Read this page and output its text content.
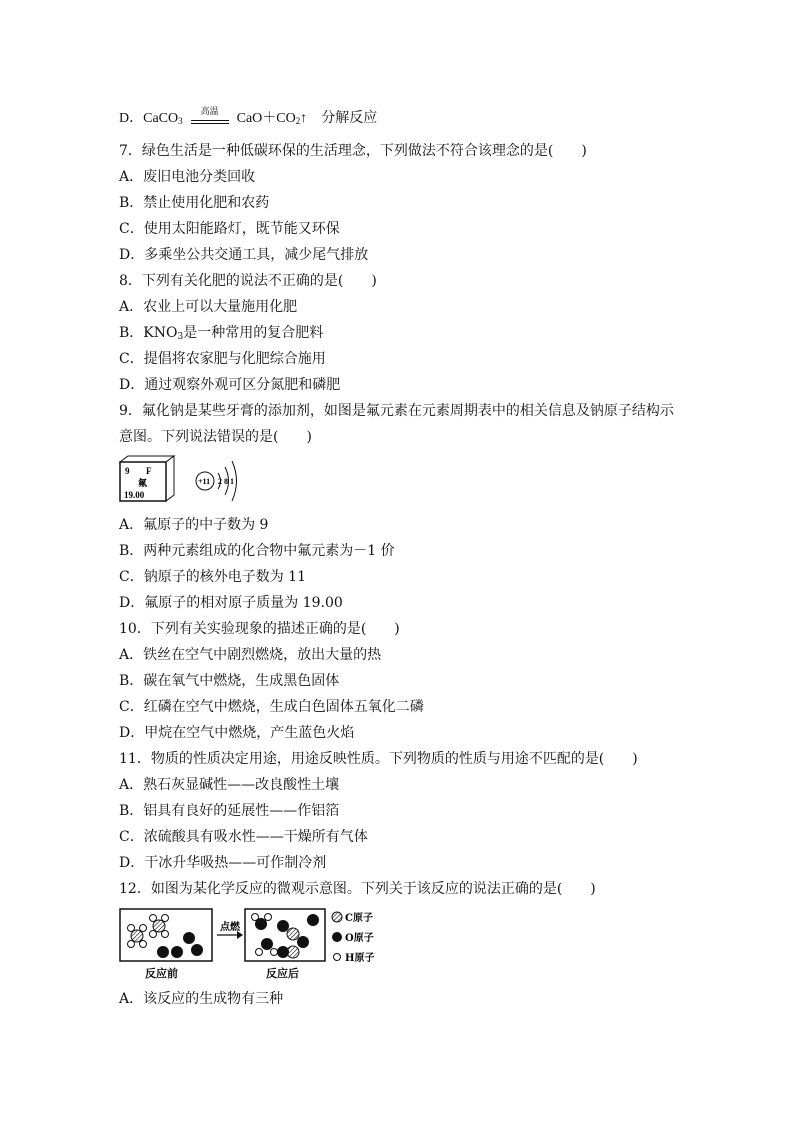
D．CaCO$_3$
高温	$CaO+CO_2↑$ 分解反应
7．绿色生活是一种低碳环保的生活理念，下列做法不符合该理念的是(　　)
A．废旧电池分类回收
B．禁止使用化肥和农药
C．使用太阳能路灯，既节能又环保
D．多乘坐公共交通工具，减少尾气排放
8．下列有关化肥的说法不正确的是(　　)
A．农业上可以大量施用化肥
B．$KNO_3$是一种常用的复合肥料
C．提倡将农家肥与化肥综合施用
D．通过观察外观可区分氮肥和磷肥
9．氟化钠是某些牙膏的添加剂，如图是氟元素在元素周期表中的相关信息及钠原子结构示
意图。下列说法错误的是(　　)
9 F
氟
19.00
+11 2 8 1
A．氟原子的中子数为 9
B．两种元素组成的化合物中氟元素为－1 价
C．钠原子的核外电子数为 11
D．氟原子的相对原子质量为 19.00
10．下列有关实验现象的描述正确的是(　　)
A．铁丝在空气中剧烈燃烧，放出大量的热
B．碳在氧气中燃烧，生成黑色固体
C．红磷在空气中燃烧，生成白色固体五氧化二磷
D．甲烷在空气中燃烧，产生蓝色火焰
11．物质的性质决定用途，用途反映性质。下列物质的性质与用途不匹配的是(　　)
A．熟石灰显碱性——改良酸性土壤
B．铝具有良好的延展性——作铝箔
C．浓硫酸具有吸水性——干燥所有气体
D．干冰升华吸热——可作制冷剂
12．如图为某化学反应的微观示意图。下列关于该反应的说法正确的是(　　)
点燃
反应前	反应后
C原子
O原子
H原子
A．该反应的生成物有三种
